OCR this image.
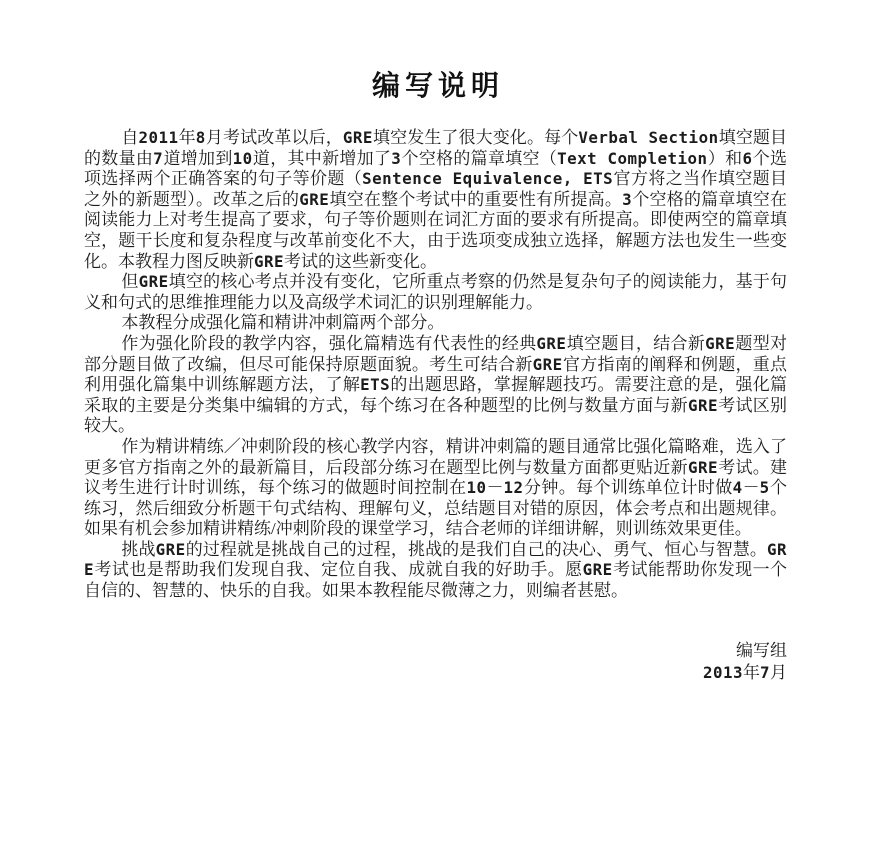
编写说明

自2011年8月考试改革以后，GRE填空发生了很大变化。每个Verbal Section填空题目的数量由7道增加到10道，其中新增加了3个空格的篇章填空（Text Completion）和6个选项选择两个正确答案的句子等价题（Sentence Equivalence, ETS官方将之当作填空题目之外的新题型）。改革之后的GRE填空在整个考试中的重要性有所提高。3个空格的篇章填空在阅读能力上对考生提高了要求，句子等价题则在词汇方面的要求有所提高。即使两空的篇章填空，题干长度和复杂程度与改革前变化不大，由于选项变成独立选择，解题方法也发生一些变化。本教程力图反映新GRE考试的这些新变化。

但GRE填空的核心考点并没有变化，它所重点考察的仍然是复杂句子的阅读能力，基于句义和句式的思维推理能力以及高级学术词汇的识别理解能力。

本教程分成强化篇和精讲冲刺篇两个部分。

作为强化阶段的教学内容，强化篇精选有代表性的经典GRE填空题目，结合新GRE题型对部分题目做了改编，但尽可能保持原题面貌。考生可结合新GRE官方指南的阐释和例题，重点利用强化篇集中训练解题方法，了解ETS的出题思路，掌握解题技巧。需要注意的是，强化篇采取的主要是分类集中编辑的方式，每个练习在各种题型的比例与数量方面与新GRE考试区别较大。

作为精讲精练／冲刺阶段的核心教学内容，精讲冲刺篇的题目通常比强化篇略难，选入了更多官方指南之外的最新篇目，后段部分练习在题型比例与数量方面都更贴近新GRE考试。建议考生进行计时训练，每个练习的做题时间控制在10－12分钟。每个训练单位计时做4－5个练习，然后细致分析题干句式结构、理解句义，总结题目对错的原因，体会考点和出题规律。如果有机会参加精讲精练/冲刺阶段的课堂学习，结合老师的详细讲解，则训练效果更佳。

挑战GRE的过程就是挑战自己的过程，挑战的是我们自己的决心、勇气、恒心与智慧。GRE考试也是帮助我们发现自我、定位自我、成就自我的好助手。愿GRE考试能帮助你发现一个自信的、智慧的、快乐的自我。如果本教程能尽微薄之力，则编者甚慰。

编写组
2013年7月
